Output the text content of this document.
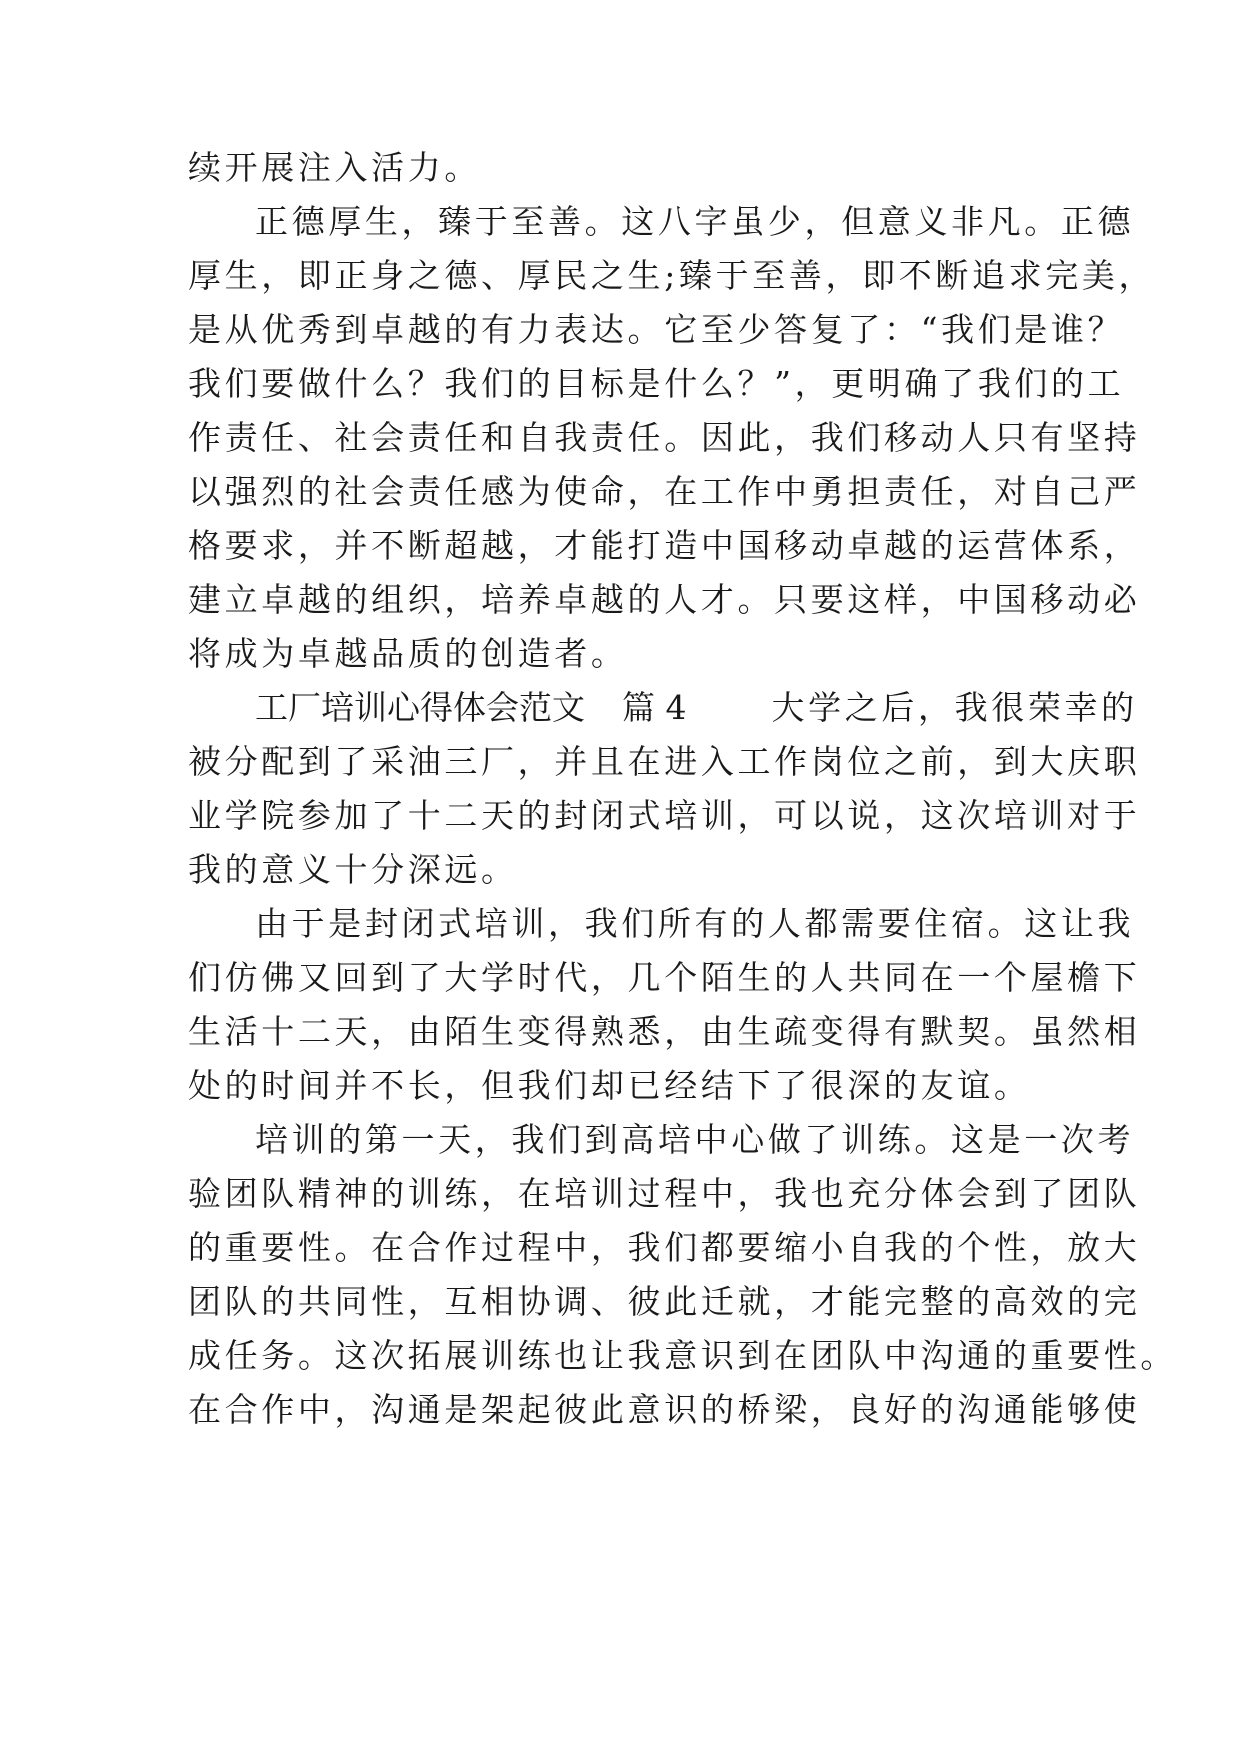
续开展注入活力。
正德厚生，臻于至善。这八字虽少，但意义非凡。正德
厚生，即正身之德、厚民之生;臻于至善，即不断追求完美，
是从优秀到卓越的有力表达。它至少答复了：“我们是谁？
我们要做什么？我们的目标是什么？”，更明确了我们的工
作责任、社会责任和自我责任。因此，我们移动人只有坚持
以强烈的社会责任感为使命，在工作中勇担责任，对自己严
格要求，并不断超越，才能打造中国移动卓越的运营体系，
建立卓越的组织，培养卓越的人才。只要这样，中国移动必
将成为卓越品质的创造者。
工厂培训心得体会范文 篇 4	大学之后，我很荣幸的
被分配到了采油三厂，并且在进入工作岗位之前，到大庆职
业学院参加了十二天的封闭式培训，可以说，这次培训对于
我的意义十分深远。
由于是封闭式培训，我们所有的人都需要住宿。这让我
们仿佛又回到了大学时代，几个陌生的人共同在一个屋檐下
生活十二天，由陌生变得熟悉，由生疏变得有默契。虽然相
处的时间并不长，但我们却已经结下了很深的友谊。
培训的第一天，我们到高培中心做了训练。这是一次考
验团队精神的训练，在培训过程中，我也充分体会到了团队
的重要性。在合作过程中，我们都要缩小自我的个性，放大
团队的共同性，互相协调、彼此迁就，才能完整的高效的完
成任务。这次拓展训练也让我意识到在团队中沟通的重要性。
在合作中，沟通是架起彼此意识的桥梁，良好的沟通能够使
